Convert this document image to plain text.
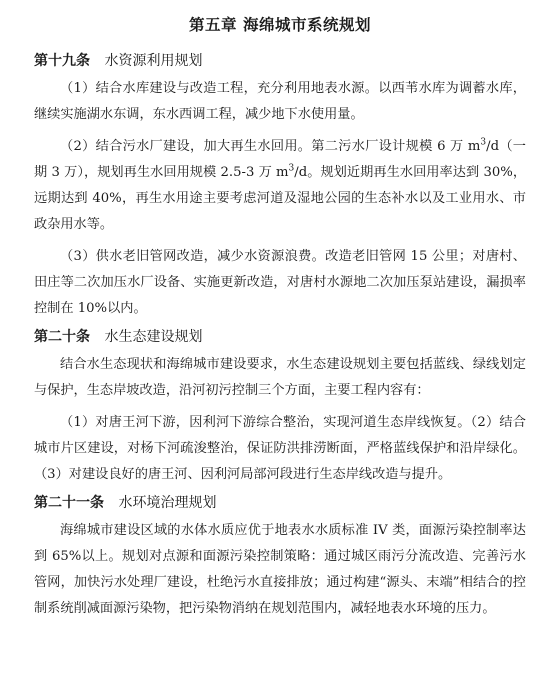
第五章 海绵城市系统规划
第十九条 水资源利用规划

（1）结合水库建设与改造工程，充分利用地表水源。以西苇水库为调蓄水库，继续实施湖水东调，东水西调工程，减少地下水使用量。

（2）结合污水厂建设，加大再生水回用。第二污水厂设计规模 6 万 $m^3/d$（一期 3 万），规划再生水回用规模 2.5-3 万 $m^3/d$。规划近期再生水回用率达到 30%，远期达到 40%，再生水用途主要考虑河道及湿地公园的生态补水以及工业用水、市政杂用水等。

（3）供水老旧管网改造，减少水资源浪费。改造老旧管网 15 公里；对唐村、田庄等二次加压水厂设备、实施更新改造，对唐村水源地二次加压泵站建设，漏损率控制在 10%以内。

第二十条 水生态建设规划

结合水生态现状和海绵城市建设要求，水生态建设规划主要包括蓝线、绿线划定与保护，生态岸坡改造，沿河初污控制三个方面，主要工程内容有：

（1）对唐王河下游，因利河下游综合整治，实现河道生态岸线恢复。（2）结合城市片区建设，对杨下河疏浚整治，保证防洪排涝断面，严格蓝线保护和沿岸绿化。（3）对建设良好的唐王河、因利河局部河段进行生态岸线改造与提升。

第二十一条 水环境治理规划

海绵城市建设区域的水体水质应优于地表水水质标准 IV 类，面源污染控制率达到 65%以上。规划对点源和面源污染控制策略：通过城区雨污分流改造、完善污水管网，加快污水处理厂建设，杜绝污水直接排放；通过构建“源头、末端”相结合的控制系统削减面源污染物，把污染物消纳在规划范围内，减轻地表水环境的压力。
